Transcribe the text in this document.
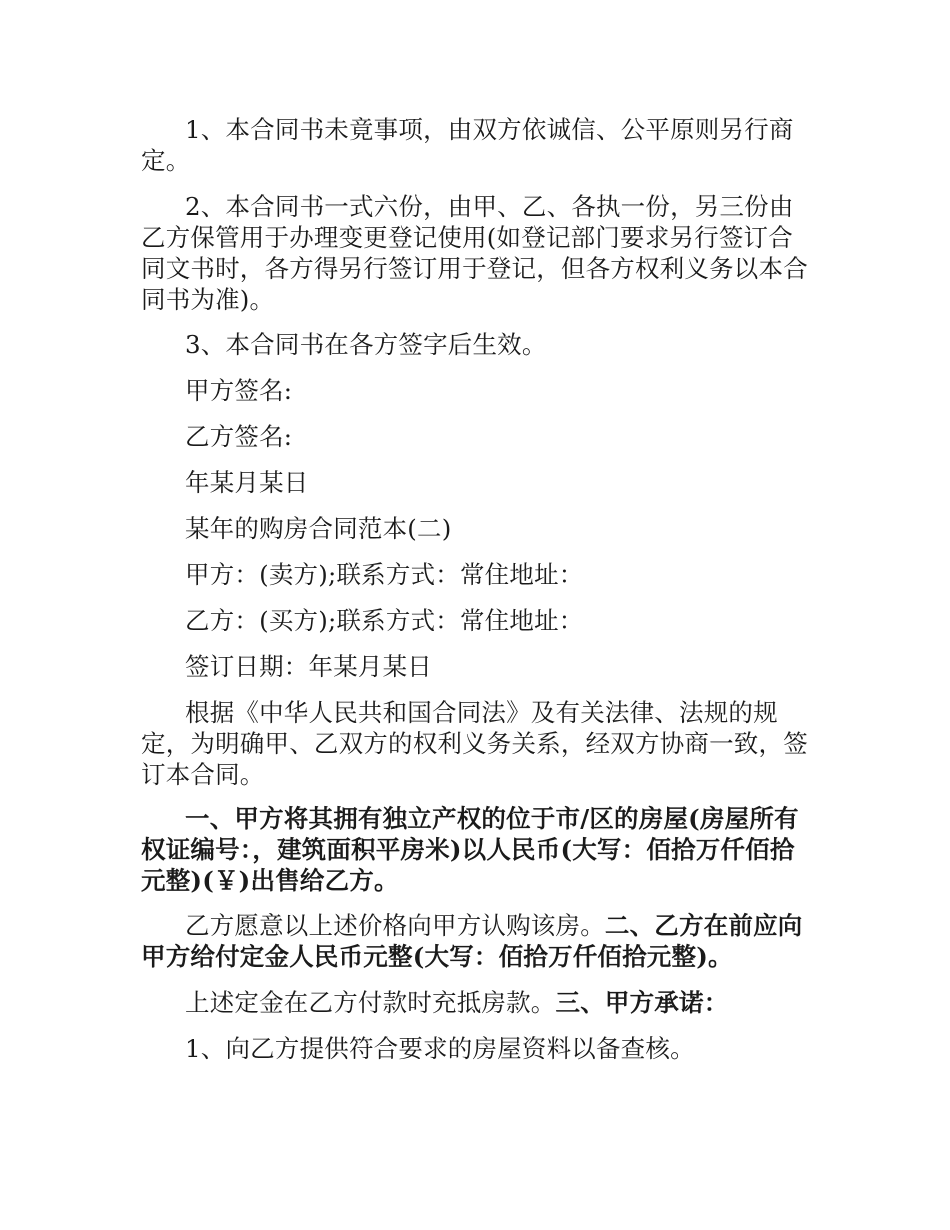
1、本合同书未竟事项，由双方依诚信、公平原则另行商定。

2、本合同书一式六份，由甲、乙、各执一份，另三份由乙方保管用于办理变更登记使用(如登记部门要求另行签订合同文书时，各方得另行签订用于登记，但各方权利义务以本合同书为准)。

3、本合同书在各方签字后生效。

甲方签名:

乙方签名:

年某月某日

某年的购房合同范本(二)

甲方：(卖方);联系方式：常住地址：

乙方：(买方);联系方式：常住地址：

签订日期：年某月某日

根据《中华人民共和国合同法》及有关法律、法规的规定，为明确甲、乙双方的权利义务关系，经双方协商一致，签订本合同。

一、甲方将其拥有独立产权的位于市/区的房屋(房屋所有权证编号：，建筑面积平房米)以人民币(大写：佰拾万仟佰拾元整)(￥)出售给乙方。

乙方愿意以上述价格向甲方认购该房。二、乙方在前应向甲方给付定金人民币元整(大写：佰拾万仟佰拾元整)。

上述定金在乙方付款时充抵房款。三、甲方承诺：

1、向乙方提供符合要求的房屋资料以备查核。
